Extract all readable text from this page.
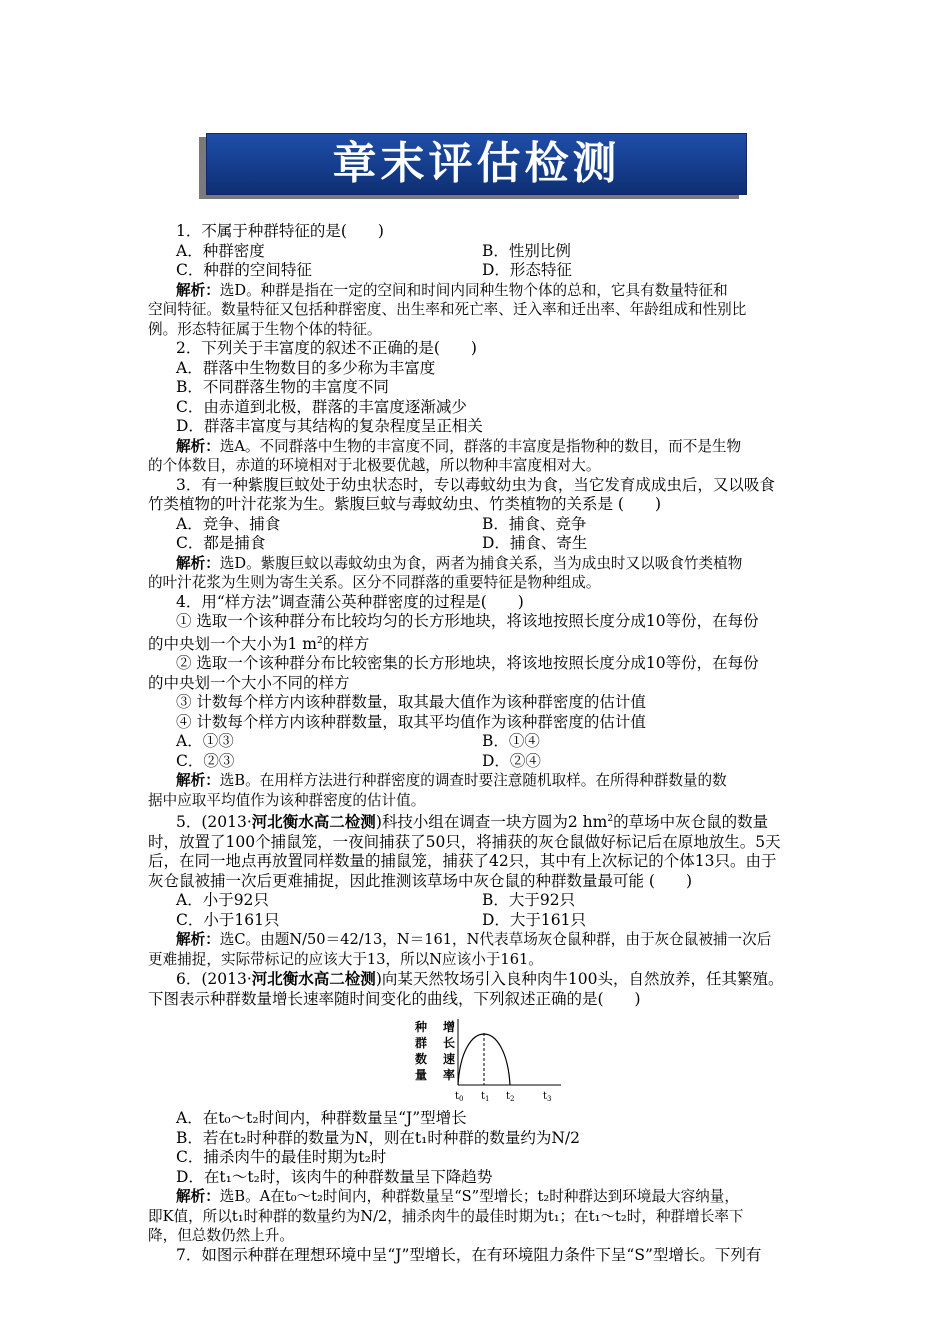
章末评估检测
1．不属于种群特征的是(　　)
A．种群密度	B．性别比例
C．种群的空间特征	D．形态特征
解析：选D。种群是指在一定的空间和时间内同种生物个体的总和，它具有数量特征和
空间特征。数量特征又包括种群密度、出生率和死亡率、迁入率和迁出率、年龄组成和性别比
例。形态特征属于生物个体的特征。
2．下列关于丰富度的叙述不正确的是(　　)
A．群落中生物数目的多少称为丰富度
B．不同群落生物的丰富度不同
C．由赤道到北极，群落的丰富度逐渐减少
D．群落丰富度与其结构的复杂程度呈正相关
解析：选A。不同群落中生物的丰富度不同，群落的丰富度是指物种的数目，而不是生物
的个体数目，赤道的环境相对于北极要优越，所以物种丰富度相对大。
3．有一种紫腹巨蚊处于幼虫状态时，专以毒蚊幼虫为食，当它发育成成虫后，又以吸食
竹类植物的叶汁花浆为生。紫腹巨蚊与毒蚊幼虫、竹类植物的关系是 (　　)
A．竞争、捕食	B．捕食、竞争
C．都是捕食	D．捕食、寄生
解析：选D。紫腹巨蚊以毒蚊幼虫为食，两者为捕食关系，当为成虫时又以吸食竹类植物
的叶汁花浆为生则为寄生关系。区分不同群落的重要特征是物种组成。
4．用“样方法”调查蒲公英种群密度的过程是(　　)
① 选取一个该种群分布比较均匀的长方形地块，将该地按照长度分成10等份，在每份
的中央划一个大小为1 $m^2$的样方
② 选取一个该种群分布比较密集的长方形地块，将该地按照长度分成10等份，在每份
的中央划一个大小不同的样方
③ 计数每个样方内该种群数量，取其最大值作为该种群密度的估计值
④ 计数每个样方内该种群数量，取其平均值作为该种群密度的估计值
A．①③	B．①④
C．②③	D．②④
解析：选B。在用样方法进行种群密度的调查时要注意随机取样。在所得种群数量的数
据中应取平均值作为该种群密度的估计值。
5．(2013·河北衡水高二检测)科技小组在调查一块方圆为2 $hm^2$的草场中灰仓鼠的数量
时，放置了100个捕鼠笼，一夜间捕获了50只，将捕获的灰仓鼠做好标记后在原地放生。5天
后，在同一地点再放置同样数量的捕鼠笼，捕获了42只，其中有上次标记的个体13只。由于
灰仓鼠被捕一次后更难捕捉，因此推测该草场中灰仓鼠的种群数量最可能 (　　)
A．小于92只	B．大于92只
C．小于161只	D．大于161只
解析：选C。由题N/50＝42/13，N＝161，N代表草场灰仓鼠种群，由于灰仓鼠被捕一次后
更难捕捉，实际带标记的应该大于13，所以N应该小于161。
6．(2013·河北衡水高二检测)向某天然牧场引入良种肉牛100头，自然放养，任其繁殖。
下图表示种群数量增长速率随时间变化的曲线，下列叙述正确的是(　　)
种
群
数
量
增
长
速
率
$t_0$ $t_1$ $t_2$	$t_3$
A．在t₀～t₂时间内，种群数量呈“J”型增长
B．若在t₂时种群的数量为N，则在t₁时种群的数量约为N/2
C．捕杀肉牛的最佳时期为t₂时
D．在t₁～t₂时，该肉牛的种群数量呈下降趋势
解析：选B。A在t₀～t₂时间内，种群数量呈“S”型增长；t₂时种群达到环境最大容纳量，
即K值，所以t₁时种群的数量约为N/2，捕杀肉牛的最佳时期为t₁；在t₁～t₂时，种群增长率下
降，但总数仍然上升。
7．如图示种群在理想环境中呈“J”型增长，在有环境阻力条件下呈“S”型增长。下列有
